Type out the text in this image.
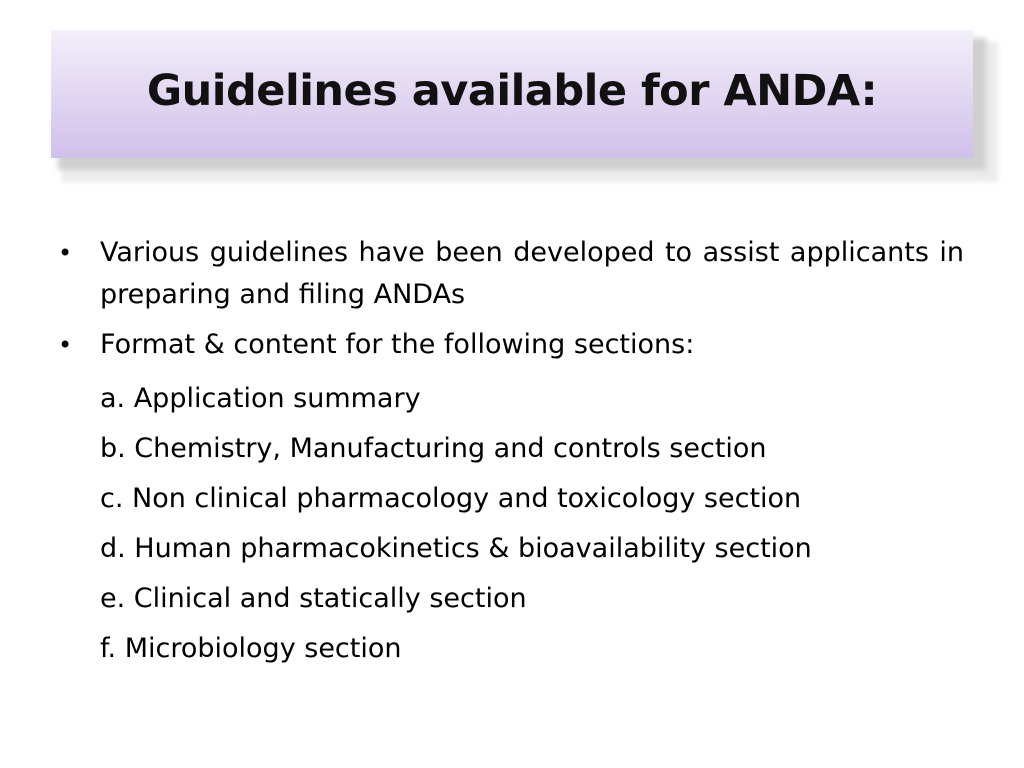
Guidelines available for ANDA:
•	Various guidelines have been developed to assist applicants in preparing and filing ANDAs
•	Format & content for the following sections:
a. Application summary
b. Chemistry, Manufacturing and controls section
c. Non clinical pharmacology and toxicology section
d. Human pharmacokinetics & bioavailability section
e. Clinical and statically section
f. Microbiology section
